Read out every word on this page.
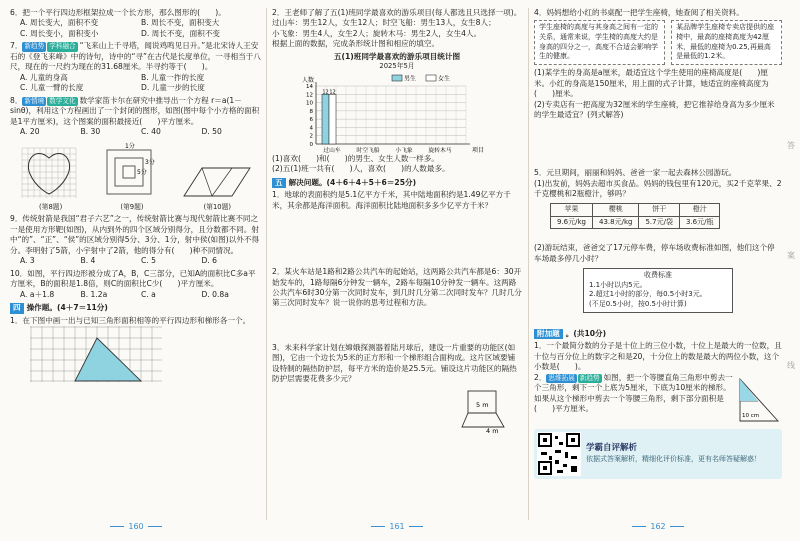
6．把一个平行四边形框架拉成一个长方形，那么图形的(　　)。

A. 周长变大，面积不变	B. 周长不变，面积变大
C. 周长变小，面积变小	D. 周长不变，面积不变

7． 新趋势 学科融合 “飞来山上千寻塔，闻说鸡鸣见日升。”是北宋诗人王安石的《登飞来峰》中的诗句，诗中的“寻”在古代是长度单位，一寻相当于八尺，现在的一尺约为现在的31.68厘米。半寻约等于(　　)。

A. 儿童的身高	B. 儿童一拃的长度
C. 儿童一臂的长度	D. 儿童一步的长度

8． 新情境 数学文化 数学家笛卡尔在研究中推导出一个方程 r＝a(1－sinθ)，利用这个方程画出了一个封闭的图形，如图(图中每个小方格的面积是1平方厘米)，这个图案的面积最接近(　　)平方厘米。

A. 20	B. 30	C. 40	D. 50
(第8题)
1分
3分
5分
(第9题)	(第10题)

9．传统射箭是我国“君子六艺”之一，传统射箭比赛与现代射箭比赛不同之一是使用方形靶(如图)，从内到外的四个区域分别得分，且分数都不同。射中“的”、“正”、“侯”的区域分别得5分、3分、1分，射中侯(如图)以外不得分。李明射了5箭，小宇射中了2箭，他的得分有(　　)种不同情况。

A. 3	B. 4	C. 5	D. 6

10．如图，平行四边形被分成了A，B，C三部分，已知A的面积比C多a平方厘米，B的面积是1.8倍，则C的面积比C少(　　)平方厘米。

A. a＋1.8	B. 1.2a	C. a	D. 0.8a
四 操作题。(4＋7＝11分)

1．在下图中画一出与已知三角形面积相等的平行四边形和梯形各一个。

2．王老师了解了五(1)班同学最喜欢的游乐项目(每人都选且只选择一项)。

过山车：男生12人，女生12人；时空飞船：男生13人，女生8人；

小飞象：男生4人，女生2人；旋转木马：男生2人，女生4人。

根据上面的数据，完成条形统计图和相应的填空。

五(1)班同学最喜欢的游乐项目统计图
2025年5月
人数
0
2
4
6
8
10
12
14
12 12
过山车	时空飞船	小飞象	旋转木马	项目
男生	女生

(1)喜欢(　　)和(　　)的男生、女生人数一样多。

(2)五(1)班一共有(　　)人，喜欢(　　)的人数最多。

五 解决问题。(4＋6＋4＋5＋6＝25分)

1．地球的表面积约是5.1亿平方千米，其中陆地面积约是1.49亿平方千米，其余都是海洋面积。海洋面积比陆地面积多多少亿平方千米？

2．某火车站是1路和2路公共汽车的起始站，这两路公共汽车都是6：30开始发车的，1路每隔6分钟发一辆车，2路车每隔10分钟发一辆车。这两路公共汽车6时30分第一次同时发车，到几时几分第二次同时发车？几时几分第三次同时发车？说一说你的思考过程和方法。

3．未来科学家计划在嫦娥探测器着陆月球后，建设一片重要的功能区(如图)，它由一个边长为5米的正方形和一个梯形组合面构成。这片区域要铺设特制的隔热防护层，每平方米的造价是25.5元。铺设这片功能区的隔热防护层需要花费多少元？

5 m
4 m

4．妈妈想给小红的书桌配一把学生座椅，她查阅了相关资料。

学生座椅的高度与其身高之间有一定的关系，通常来说，学生椅的高度大约是身高的四分之一，高度不合适会影响学生的健康。
某品牌学生座椅专卖店提供的座椅中，最高的座椅高度为42厘米，最低的座椅为0.25,再最高是最低的1.2米。

(1)某学生的身高是a厘米，最适宜这个学生使用的座椅高度是(　　)厘米。小红的身高是150厘米，用上面的式子计算，她适宜的座椅高度为(　　)厘米。

(2)专卖店有一把高度为32厘米的学生座椅，把它推荐给身高为多少厘米的学生最适宜？(列式解答)

5．元旦期间，丽丽和妈妈、爸爸一家一起去森林公园游玩。

(1)出发前，妈妈去超市买食品。妈妈的钱包里有120元，买2千克苹果、2千克樱桃和2瓶橙汁，够吗？

苹果	樱桃	饼干	橙汁
9.6元/kg	43.8元/kg	5.7元/袋	3.6元/瓶

(2)游玩结束，爸爸交了17元停车费，停车场收费标准如图，他们这个停车场最多停几小时？

收费标准
1.1小时以内5元。
2.超过1小时的部分，每0.5小时3元。
(不足0.5小时，按0.5小时计算)
附加题 。(共10分)

1．一个最简分数的分子是十位上的三位小数，十位上是最大的一位数，且十位与百分位上的数字之和是20，十分位上的数是最大的两位小数，这个小数是(　　)。

2． 思维拓展 新趋势 如图，把一个等腰直角三角形中剪去一个三角形，剩下一个上底为5厘米，下底为10厘米的梯形。如果从这个梯形中剪去一个等腰三角形，剩下部分面积是(　　)平方厘米。

10 cm
学霸自评解析
依据式答案解析，精细化评价标准，更有名师答疑解惑！
答
案
线
160	161	162
